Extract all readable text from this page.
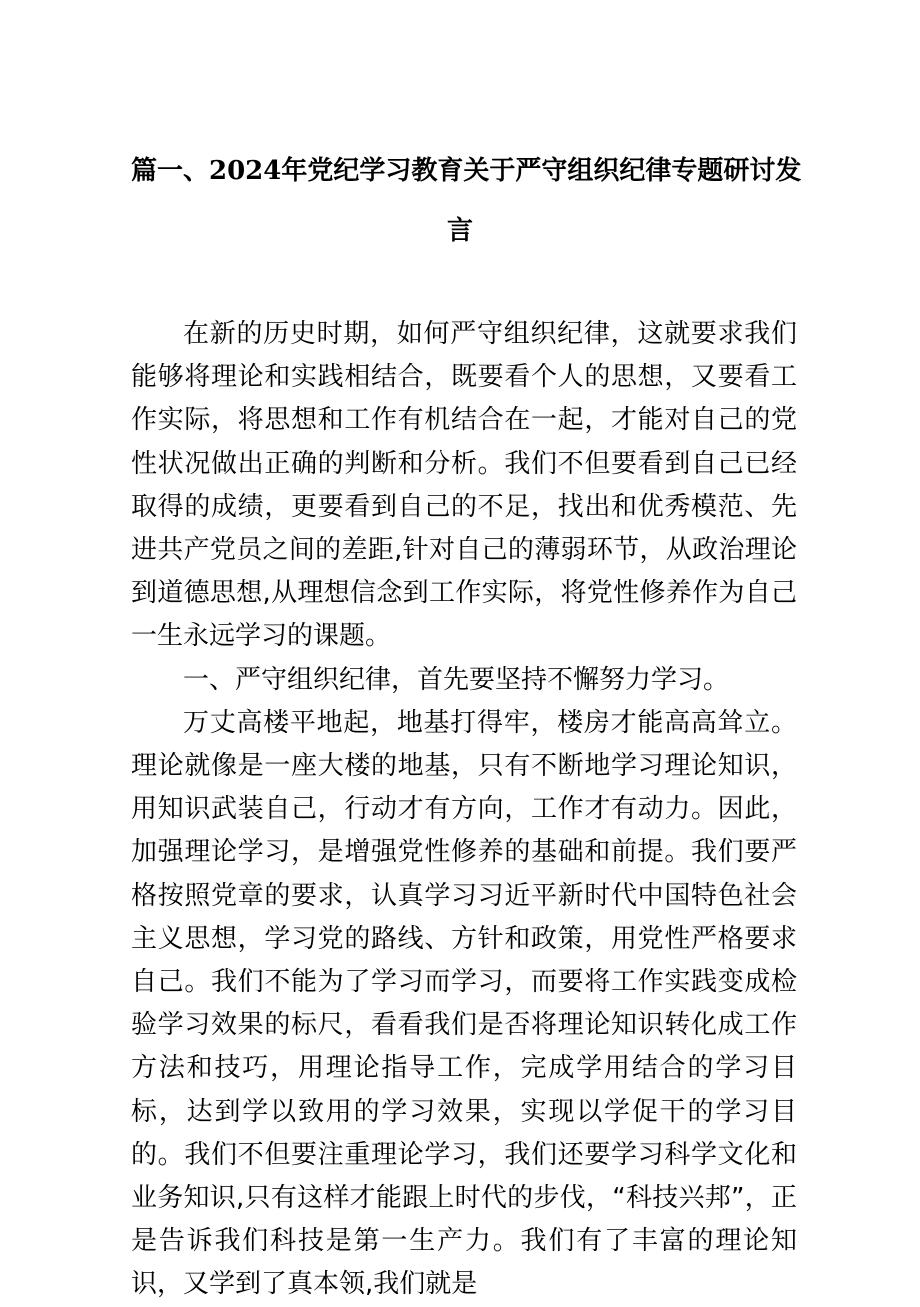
篇一、2024年党纪学习教育关于严守组织纪律专题研讨发
言

在新的历史时期，如何严守组织纪律，这就要求我们能够将理论和实践相结合，既要看个人的思想，又要看工作实际，将思想和工作有机结合在一起，才能对自己的党性状况做出正确的判断和分析。我们不但要看到自己已经取得的成绩，更要看到自己的不足，找出和优秀模范、先进共产党员之间的差距,针对自己的薄弱环节，从政治理论到道德思想,从理想信念到工作实际，将党性修养作为自己一生永远学习的课题。

一、严守组织纪律，首先要坚持不懈努力学习。

万丈高楼平地起，地基打得牢，楼房才能高高耸立。理论就像是一座大楼的地基，只有不断地学习理论知识，用知识武装自己，行动才有方向，工作才有动力。因此，加强理论学习，是增强党性修养的基础和前提。我们要严格按照党章的要求，认真学习习近平新时代中国特色社会主义思想，学习党的路线、方针和政策，用党性严格要求自己。我们不能为了学习而学习，而要将工作实践变成检验学习效果的标尺，看看我们是否将理论知识转化成工作方法和技巧，用理论指导工作，完成学用结合的学习目标，达到学以致用的学习效果，实现以学促干的学习目的。我们不但要注重理论学习，我们还要学习科学文化和业务知识,只有这样才能跟上时代的步伐，“科技兴邦”，正是告诉我们科技是第一生产力。我们有了丰富的理论知识，又学到了真本领,我们就是
